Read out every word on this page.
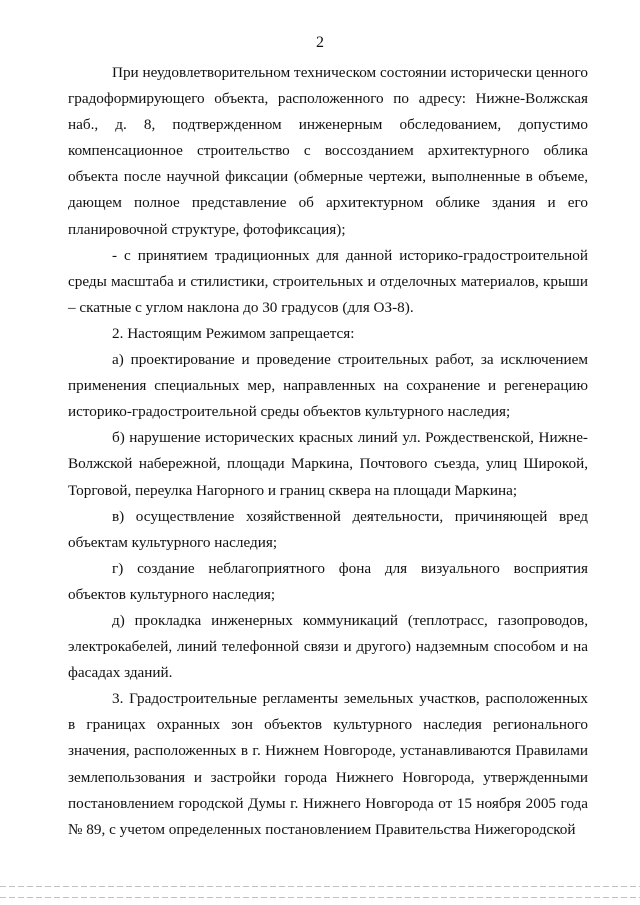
2

При неудовлетворительном техническом состоянии исторически ценного градоформирующего объекта, расположенного по адресу: Нижне-Волжская наб., д. 8, подтвержденном инженерным обследованием, допустимо компенсационное строительство с воссозданием архитектурного облика объекта после научной фиксации (обмерные чертежи, выполненные в объеме, дающем полное представление об архитектурном облике здания и его планировочной структуре, фотофиксация);

- с принятием традиционных для данной историко-градостроительной среды масштаба и стилистики, строительных и отделочных материалов, крыши – скатные с углом наклона до 30 градусов (для ОЗ-8).

2. Настоящим Режимом запрещается:

а) проектирование и проведение строительных работ, за исключением применения специальных мер, направленных на сохранение и регенерацию историко-градостроительной среды объектов культурного наследия;

б) нарушение исторических красных линий ул. Рождественской, Нижне-Волжской набережной, площади Маркина, Почтового съезда, улиц Широкой, Торговой, переулка Нагорного и границ сквера на площади Маркина;

в) осуществление хозяйственной деятельности, причиняющей вред объектам культурного наследия;

г) создание неблагоприятного фона для визуального восприятия объектов культурного наследия;

д) прокладка инженерных коммуникаций (теплотрасс, газопроводов, электрокабелей, линий телефонной связи и другого) надземным способом и на фасадах зданий.

3. Градостроительные регламенты земельных участков, расположенных в границах охранных зон объектов культурного наследия регионального значения, расположенных в г. Нижнем Новгороде, устанавливаются Правилами землепользования и застройки города Нижнего Новгорода, утвержденными постановлением городской Думы г. Нижнего Новгорода от 15 ноября 2005 года № 89, с учетом определенных постановлением Правительства Нижегородской
